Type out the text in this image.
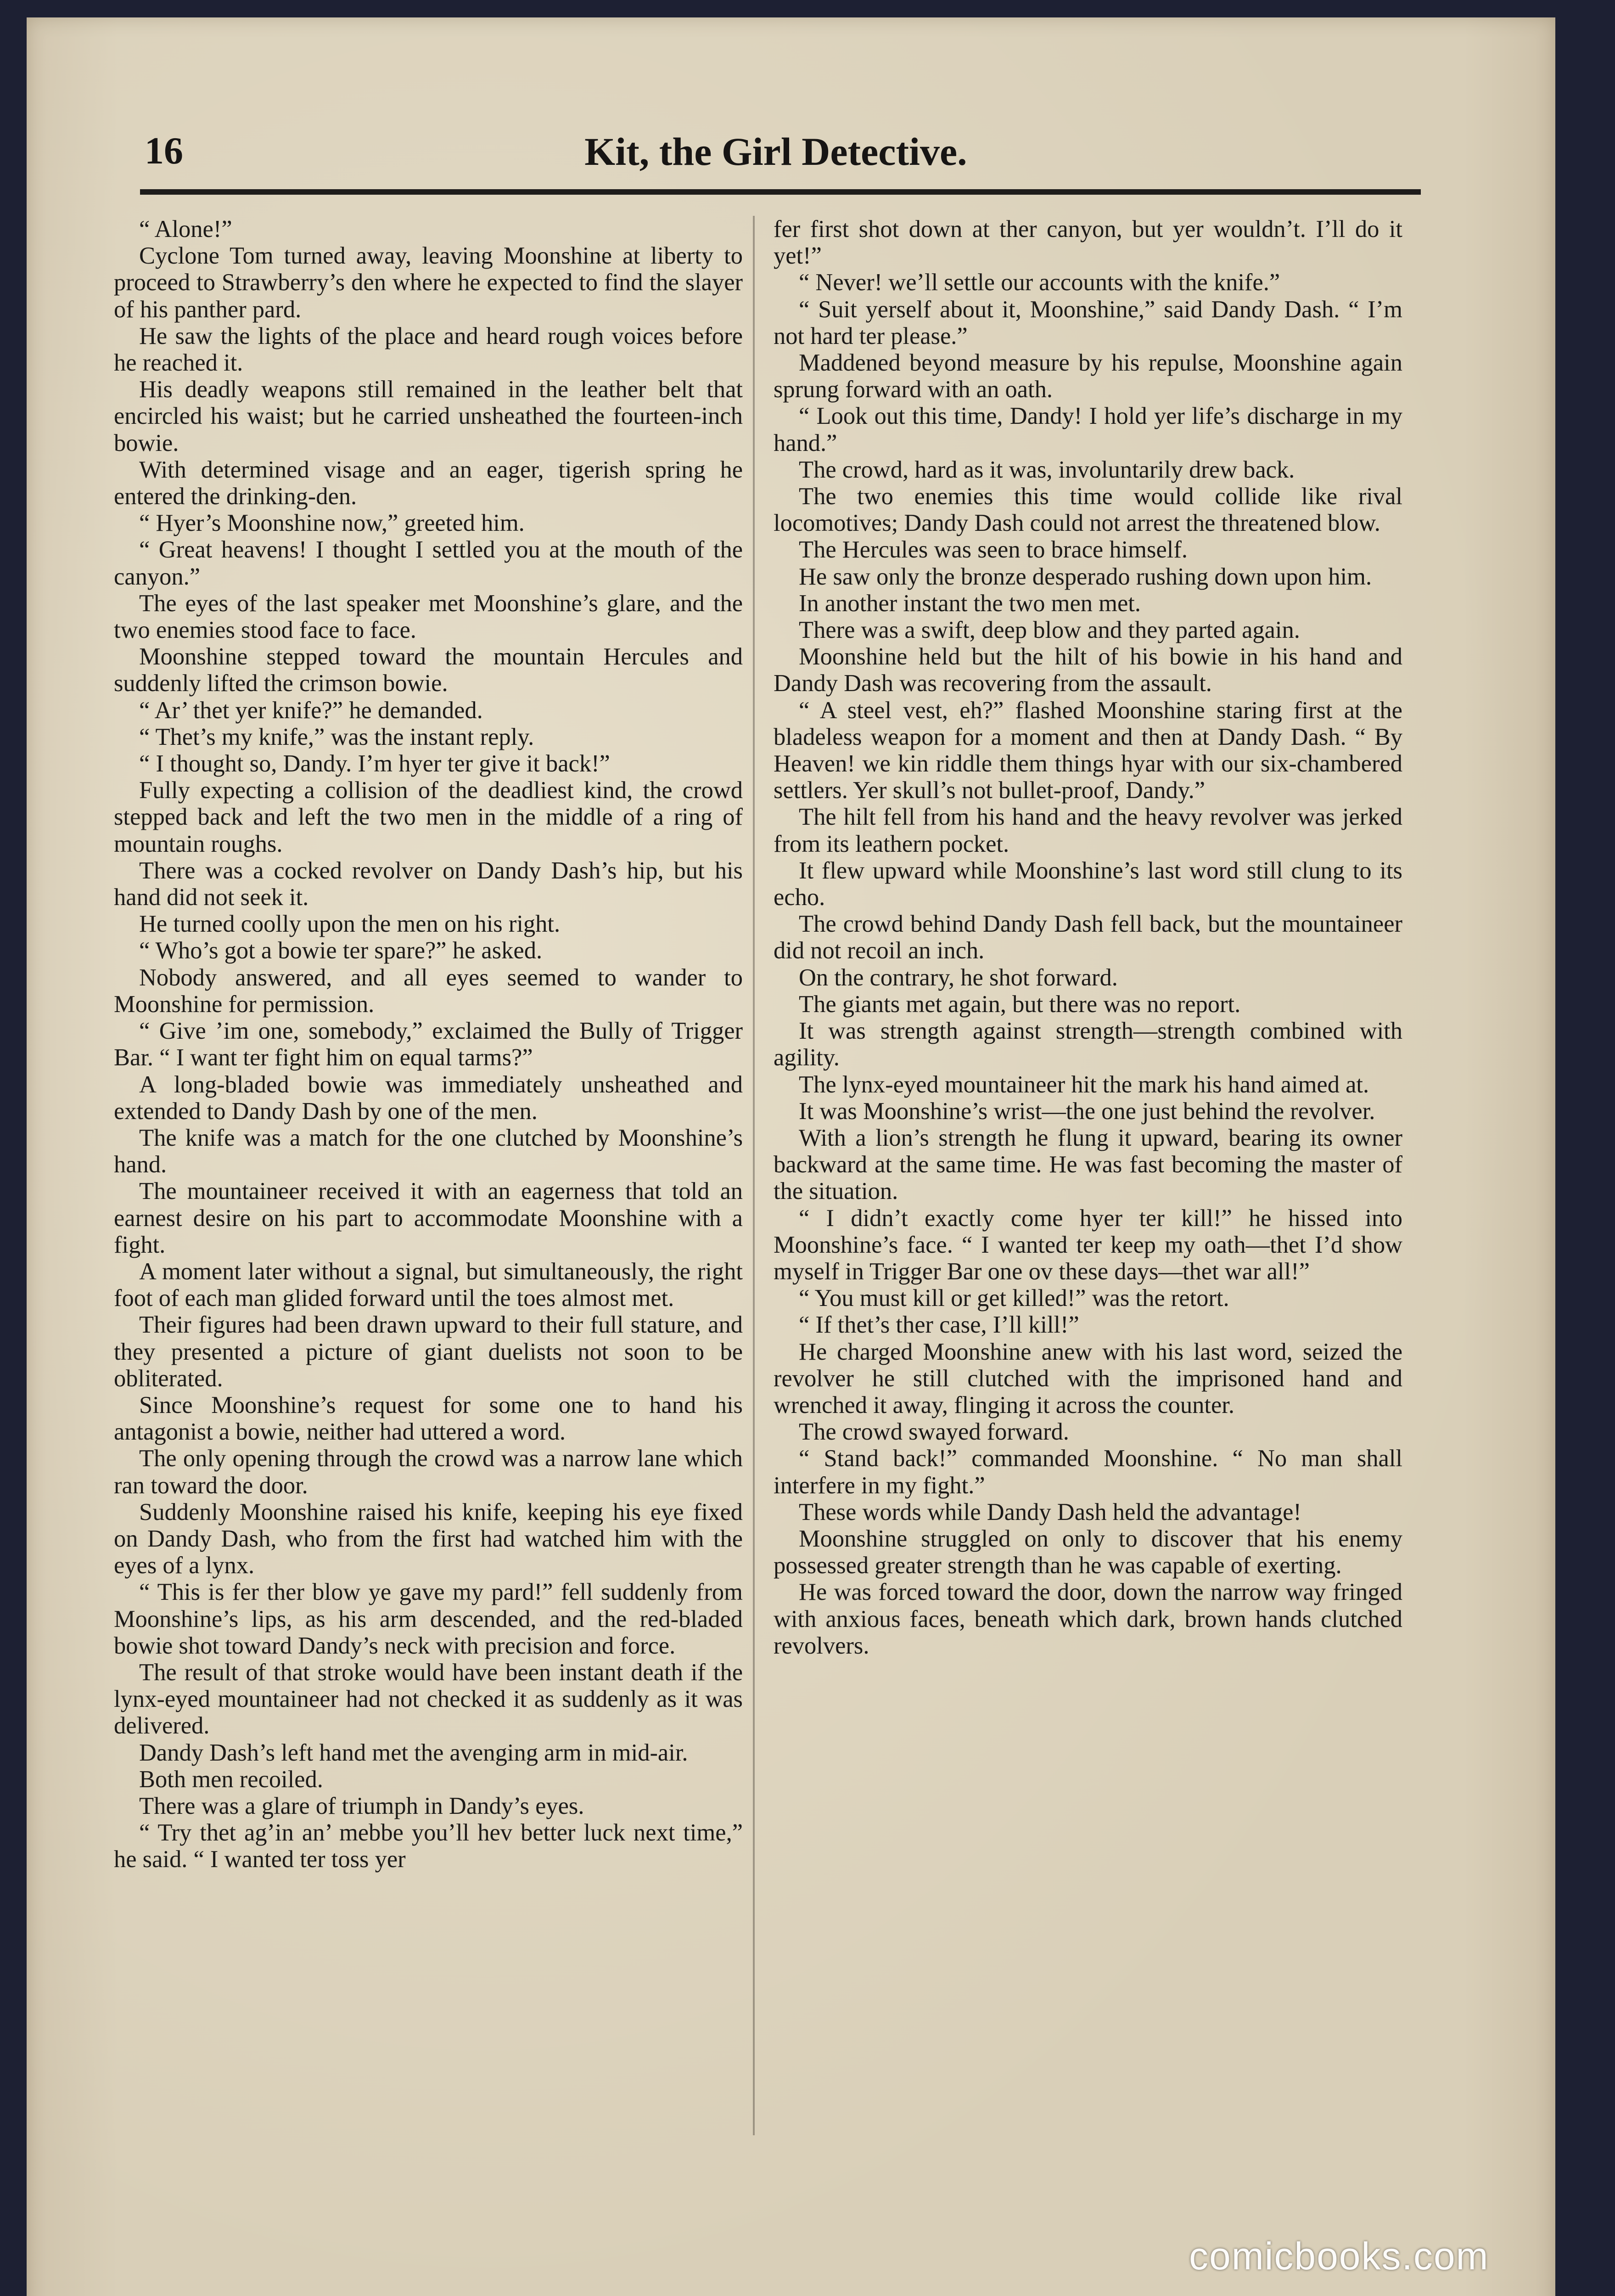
16	Kit, the Girl Detective.

“ Alone!”

Cyclone Tom turned away, leaving Moonshine at liberty to proceed to Strawberry’s den where he expected to find the slayer of his panther pard.

He saw the lights of the place and heard rough voices before he reached it.

His deadly weapons still remained in the leather belt that encircled his waist; but he carried unsheathed the fourteen-inch bowie.

With determined visage and an eager, tigerish spring he entered the drinking-den.

“ Hyer’s Moonshine now,” greeted him.

“ Great heavens! I thought I settled you at the mouth of the canyon.”

The eyes of the last speaker met Moonshine’s glare, and the two enemies stood face to face.

Moonshine stepped toward the mountain Hercules and suddenly lifted the crimson bowie.

“ Ar’ thet yer knife?” he demanded.

“ Thet’s my knife,” was the instant reply.

“ I thought so, Dandy. I’m hyer ter give it back!”

Fully expecting a collision of the deadliest kind, the crowd stepped back and left the two men in the middle of a ring of mountain roughs.

There was a cocked revolver on Dandy Dash’s hip, but his hand did not seek it.

He turned coolly upon the men on his right.

“ Who’s got a bowie ter spare?” he asked.

Nobody answered, and all eyes seemed to wander to Moonshine for permission.

“ Give ’im one, somebody,” exclaimed the Bully of Trigger Bar. “ I want ter fight him on equal tarms?”

A long-bladed bowie was immediately unsheathed and extended to Dandy Dash by one of the men.

The knife was a match for the one clutched by Moonshine’s hand.

The mountaineer received it with an eagerness that told an earnest desire on his part to accommodate Moonshine with a fight.

A moment later without a signal, but simultaneously, the right foot of each man glided forward until the toes almost met.

Their figures had been drawn upward to their full stature, and they presented a picture of giant duelists not soon to be obliterated.

Since Moonshine’s request for some one to hand his antagonist a bowie, neither had uttered a word.

The only opening through the crowd was a narrow lane which ran toward the door.

Suddenly Moonshine raised his knife, keeping his eye fixed on Dandy Dash, who from the first had watched him with the eyes of a lynx.

“ This is fer ther blow ye gave my pard!” fell suddenly from Moonshine’s lips, as his arm descended, and the red-bladed bowie shot toward Dandy’s neck with precision and force.

The result of that stroke would have been instant death if the lynx-eyed mountaineer had not checked it as suddenly as it was delivered.

Dandy Dash’s left hand met the avenging arm in mid-air.

Both men recoiled.

There was a glare of triumph in Dandy’s eyes.

“ Try thet ag’in an’ mebbe you’ll hev better luck next time,” he said. “ I wanted ter toss yer

fer first shot down at ther canyon, but yer wouldn’t. I’ll do it yet!”

“ Never! we’ll settle our accounts with the knife.”

“ Suit yerself about it, Moonshine,” said Dandy Dash. “ I’m not hard ter please.”

Maddened beyond measure by his repulse, Moonshine again sprung forward with an oath.

“ Look out this time, Dandy! I hold yer life’s discharge in my hand.”

The crowd, hard as it was, involuntarily drew back.

The two enemies this time would collide like rival locomotives; Dandy Dash could not arrest the threatened blow.

The Hercules was seen to brace himself.

He saw only the bronze desperado rushing down upon him.

In another instant the two men met.

There was a swift, deep blow and they parted again.

Moonshine held but the hilt of his bowie in his hand and Dandy Dash was recovering from the assault.

“ A steel vest, eh?” flashed Moonshine staring first at the bladeless weapon for a moment and then at Dandy Dash. “ By Heaven! we kin riddle them things hyar with our six-chambered settlers. Yer skull’s not bullet-proof, Dandy.”

The hilt fell from his hand and the heavy revolver was jerked from its leathern pocket.

It flew upward while Moonshine’s last word still clung to its echo.

The crowd behind Dandy Dash fell back, but the mountaineer did not recoil an inch.

On the contrary, he shot forward.

The giants met again, but there was no report.

It was strength against strength—strength combined with agility.

The lynx-eyed mountaineer hit the mark his hand aimed at.

It was Moonshine’s wrist—the one just behind the revolver.

With a lion’s strength he flung it upward, bearing its owner backward at the same time. He was fast becoming the master of the situation.

“ I didn’t exactly come hyer ter kill!” he hissed into Moonshine’s face. “ I wanted ter keep my oath—thet I’d show myself in Trigger Bar one ov these days—thet war all!”

“ You must kill or get killed!” was the retort.

“ If thet’s ther case, I’ll kill!”

He charged Moonshine anew with his last word, seized the revolver he still clutched with the imprisoned hand and wrenched it away, flinging it across the counter.

The crowd swayed forward.

“ Stand back!” commanded Moonshine. “ No man shall interfere in my fight.”

These words while Dandy Dash held the advantage!

Moonshine struggled on only to discover that his enemy possessed greater strength than he was capable of exerting.

He was forced toward the door, down the narrow way fringed with anxious faces, beneath which dark, brown hands clutched revolvers.

comicbooks.com
